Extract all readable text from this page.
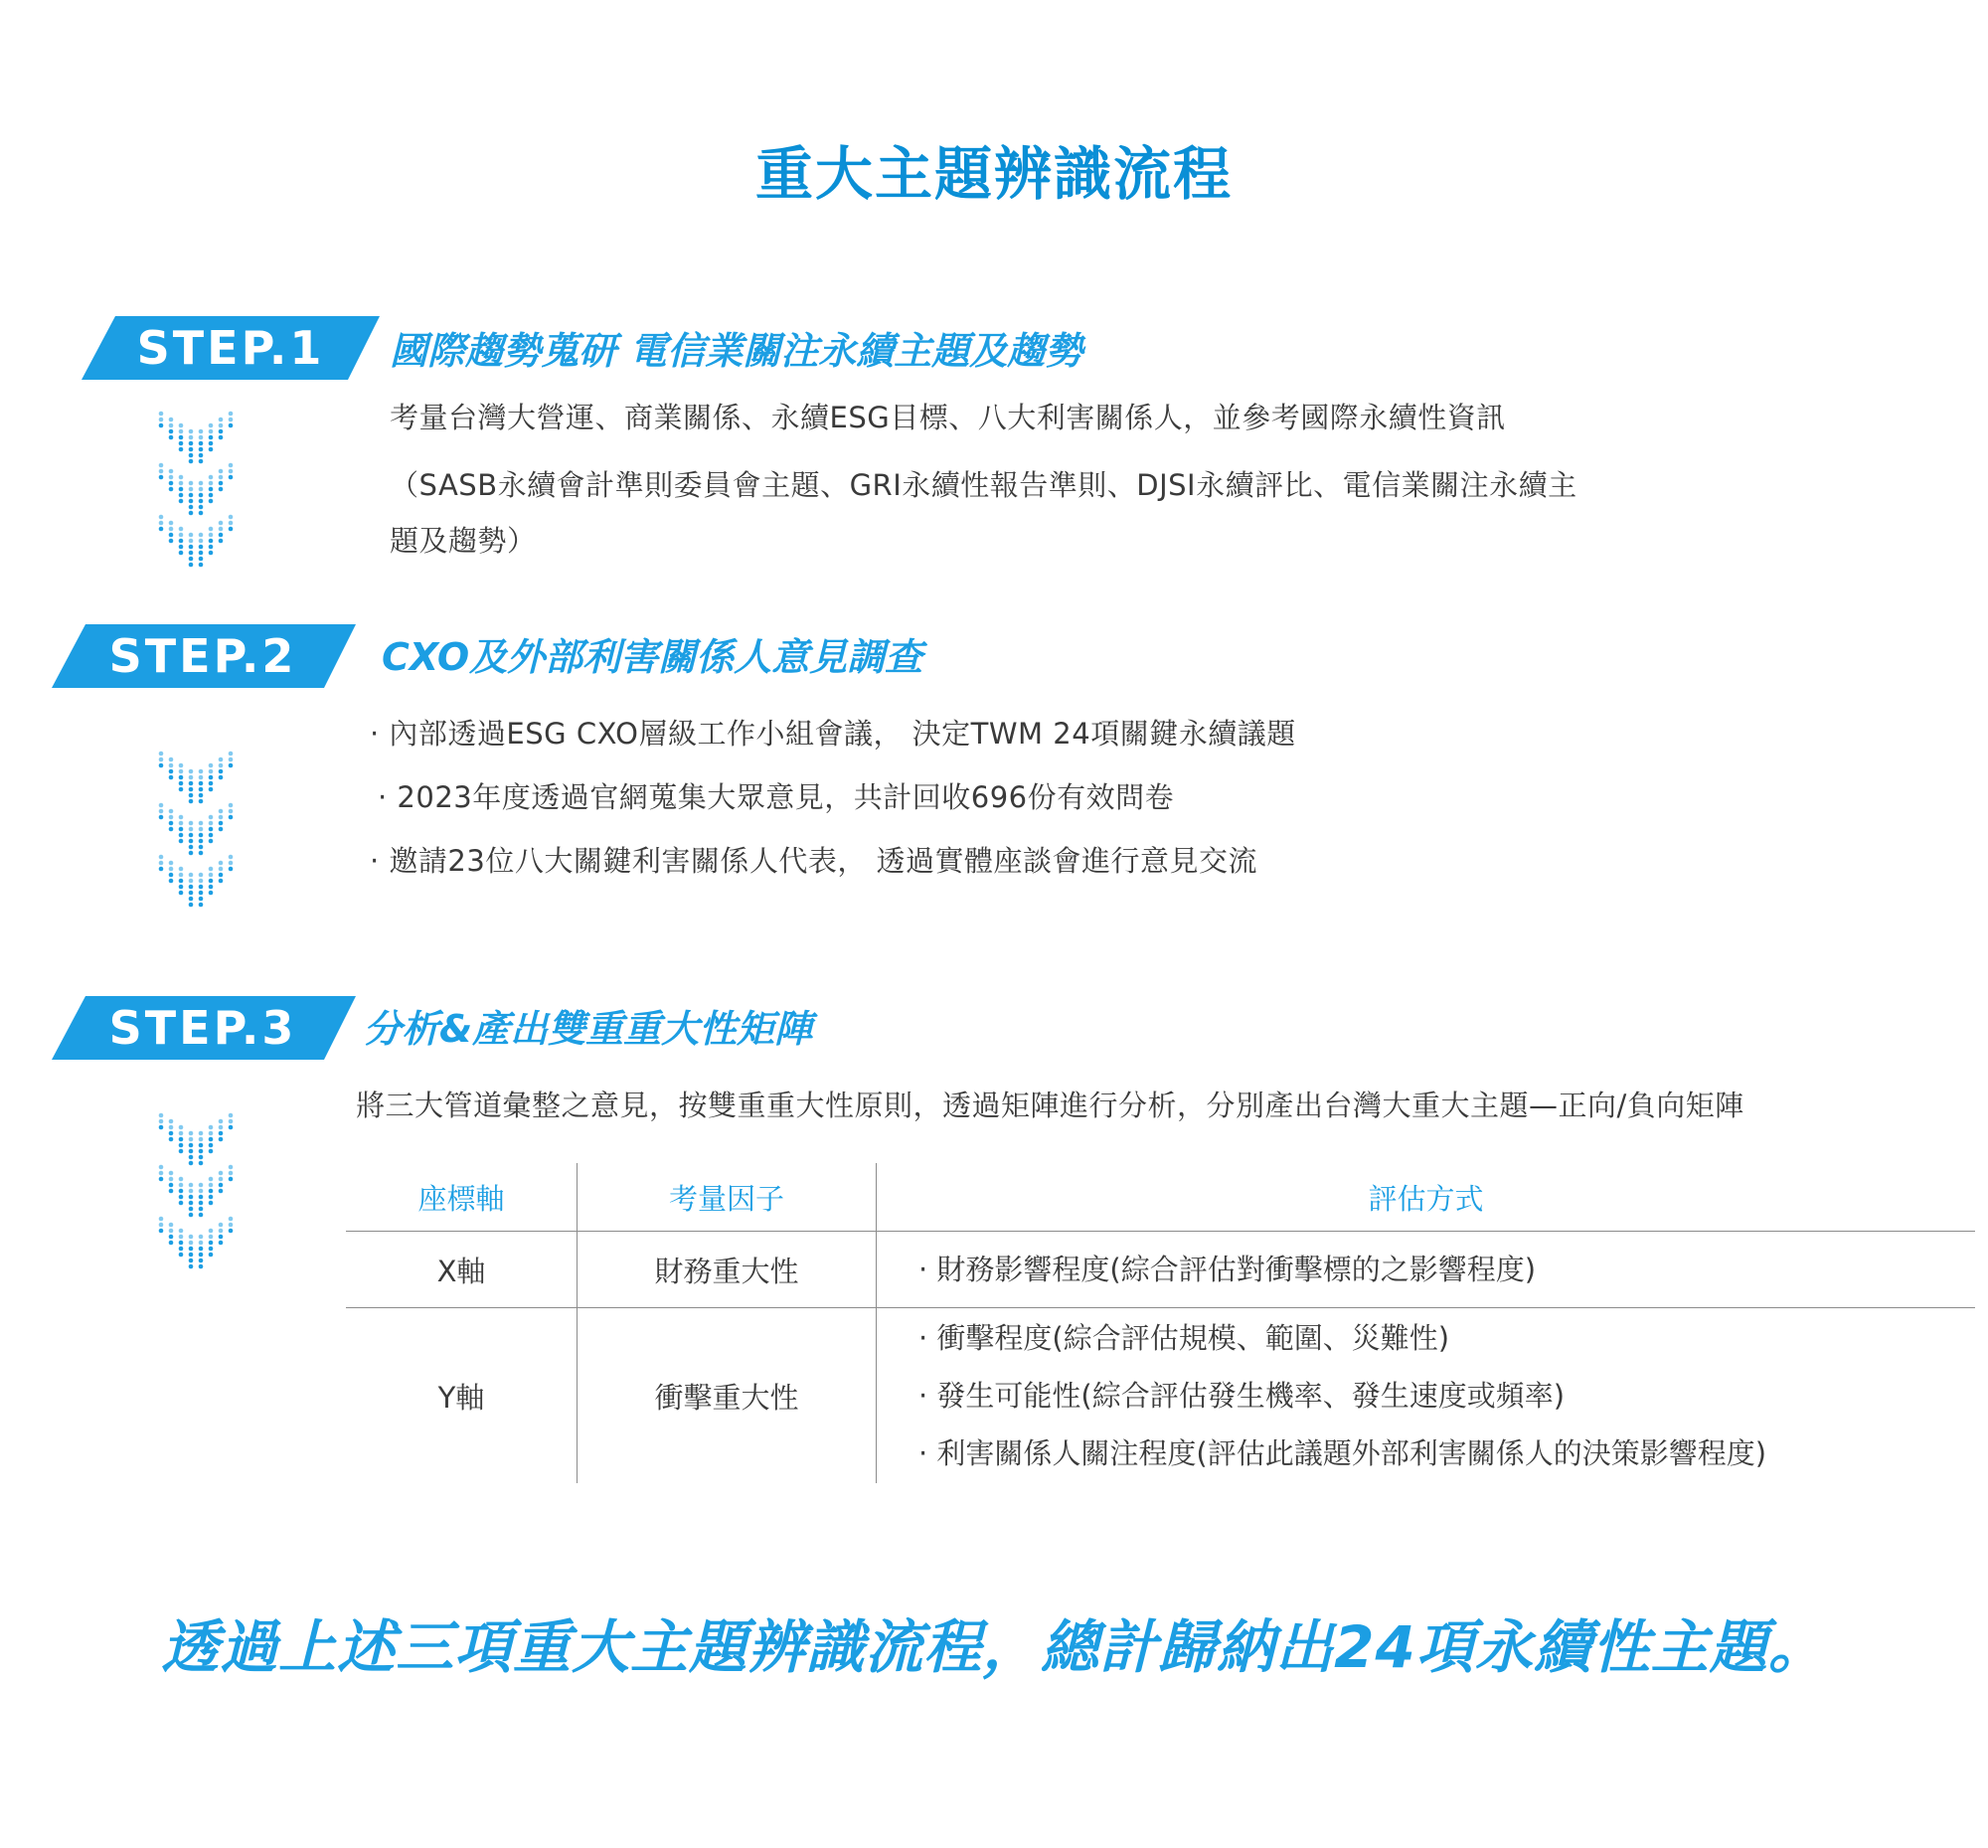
重大主題辨識流程
STEP.1 國際趨勢蒐研 電信業關注永續主題及趨勢
考量台灣大營運、商業關係、永續ESG目標、八大利害關係人，並參考國際永續性資訊
（SASB永續會計準則委員會主題、GRI永續性報告準則、DJSI永續評比、電信業關注永續主
題及趨勢）
STEP.2 CXO及外部利害關係人意見調查
· 內部透過ESG CXO層級工作小組會議， 決定TWM 24項關鍵永續議題
· 2023年度透過官網蒐集大眾意見，共計回收696份有效問卷
· 邀請23位八大關鍵利害關係人代表， 透過實體座談會進行意見交流
STEP.3 分析&產出雙重重大性矩陣
將三大管道彙整之意見，按雙重重大性原則，透過矩陣進行分析，分別產出台灣大重大主題—正向/負向矩陣
座標軸	考量因子	評估方式
X軸	財務重大性	· 財務影響程度(綜合評估對衝擊標的之影響程度)

Y軸	衝擊重大性	· 衝擊程度(綜合評估規模、範圍、災難性)
· 發生可能性(綜合評估發生機率、發生速度或頻率)
· 利害關係人關注程度(評估此議題外部利害關係人的決策影響程度)
透過上述三項重大主題辨識流程，總計歸納出24項永續性主題。
